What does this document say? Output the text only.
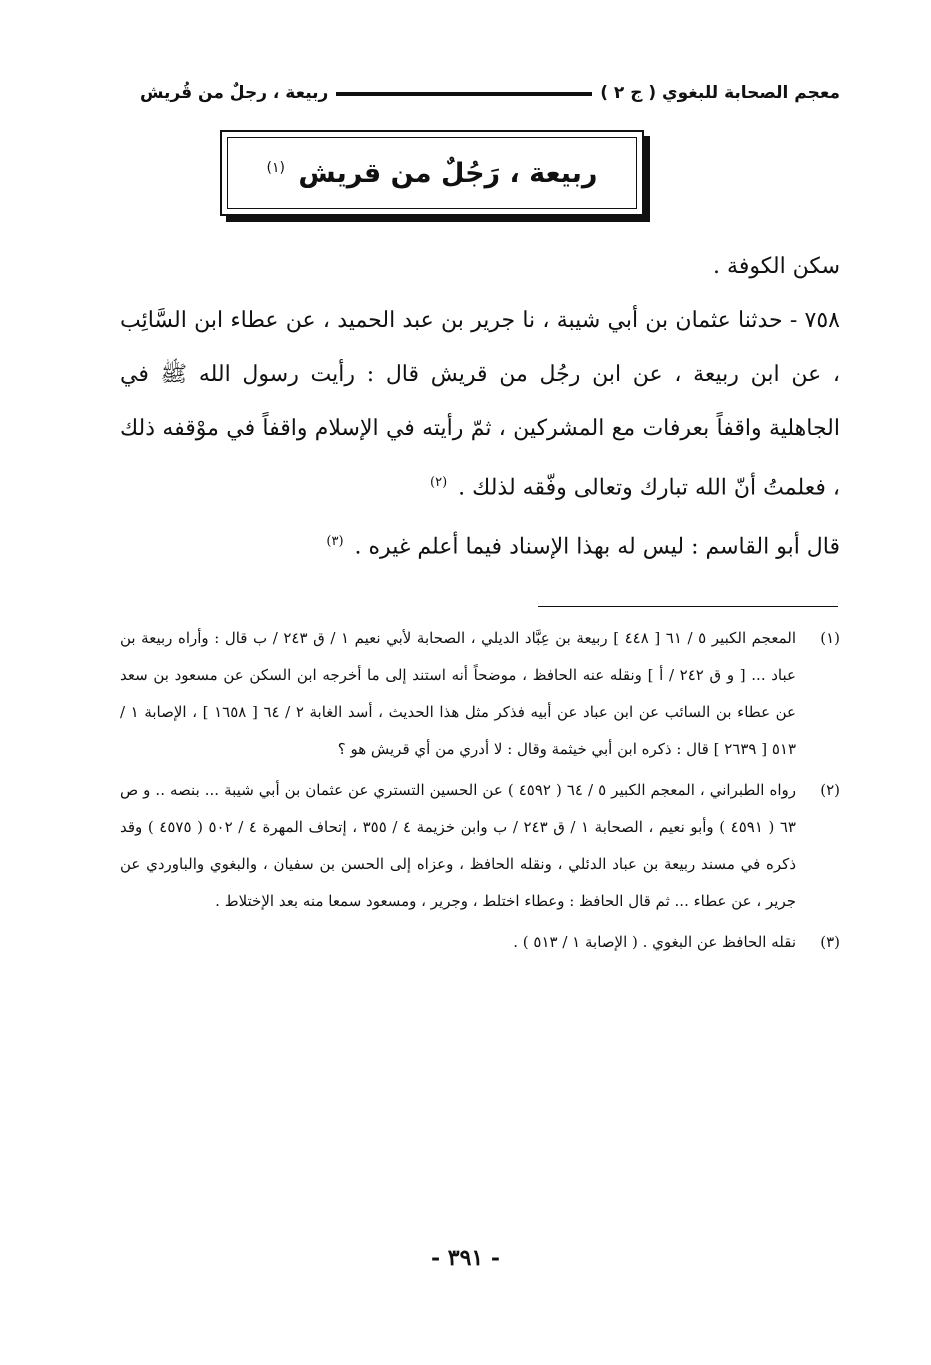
معجم الصحابة للبغوي ( ج ٢ )
ربيعة ، رجلٌ من قُريش
ربيعة ، رَجُلٌ من قريش $^{(١)}$

سكن الكوفة .

٧٥٨ - حدثنا عثمان بن أبي شيبة ، نا جرير بن عبد الحميد ، عن عطاء ابن السَّائِب ، عن ابن ربيعة ، عن ابن رجُل من قريش قال : رأيت رسول الله ﷺ في الجاهلية واقفاً بعرفات مع المشركين ، ثمّ رأيته في الإسلام واقفاً في موْقفه ذلك ، فعلمتُ أنّ الله تبارك وتعالى وفّقه لذلك . $^{(٢)}$

قال أبو القاسم : ليس له بهذا الإسناد فيما أعلم غيره . $^{(٣)}$

(١)
المعجم الكبير ٥ / ٦١ [ ٤٤٨ ] ربيعة بن عِبَّاد الديلي ، الصحابة لأبي نعيم ١ / ق ٢٤٣ / ب قال : وأراه ربيعة بن عباد ... [ و ق ٢٤٢ / أ ] ونقله عنه الحافظ ، موضحاً أنه استند إلى ما أخرجه ابن السكن عن مسعود بن سعد عن عطاء بن السائب عن ابن عباد عن أبيه فذكر مثل هذا الحديث ، أسد الغابة ٢ / ٦٤ [ ١٦٥٨ ] ، الإصابة ١ / ٥١٣ [ ٢٦٣٩ ] قال : ذكره ابن أبي خيثمة وقال : لا أدري من أي قريش هو ؟
(٢)
رواه الطبراني ، المعجم الكبير ٥ / ٦٤ ( ٤٥٩٢ ) عن الحسين التستري عن عثمان بن أبي شيبة ... بنصه .. و ص ٦٣ ( ٤٥٩١ ) وأبو نعيم ، الصحابة ١ / ق ٢٤٣ / ب وابن خزيمة ٤ / ٣٥٥ ، إتحاف المهرة ٤ / ٥٠٢ ( ٤٥٧٥ ) وقد ذكره في مسند ربيعة بن عباد الدئلي ، ونقله الحافظ ، وعزاه إلى الحسن بن سفيان ، والبغوي والباوردي عن جرير ، عن عطاء ... ثم قال الحافظ : وعطاء اختلط ، وجرير ، ومسعود سمعا منه بعد الإختلاط .
(٣)
نقله الحافظ عن البغوي . ( الإصابة ١ / ٥١٣ ) .
- ٣٩١ -
